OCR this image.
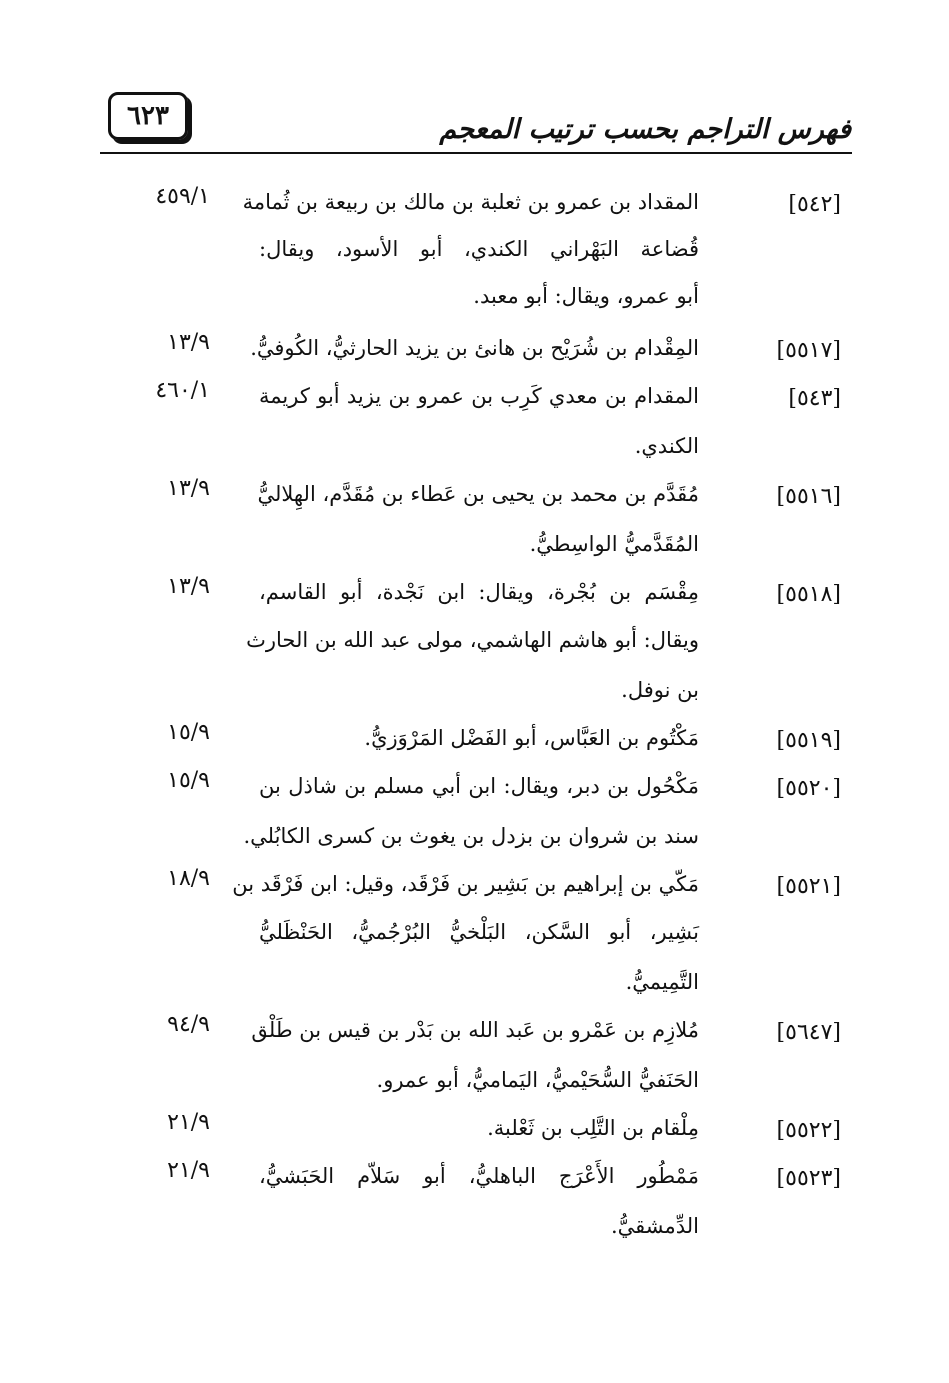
فهرس التراجم بحسب ترتيب المعجم
٦٢٣
[٥٤٢]
٤٥٩/١ المقداد بن عمرو بن ثعلبة بن مالك بن ربيعة بن ثُمامة
قُضاعة البَهْراني الكندي، أبو الأسود، ويقال:
أبو عمرو، ويقال: أبو معبد.
[٥٥١٧]
١٣/٩ المِقْدام بن شُرَيْح بن هانئ بن يزيد الحارثيُّ، الكُوفيُّ.
[٥٤٣]
٤٦٠/١ المقدام بن معدي كَرِب بن عمرو بن يزيد أبو كريمة
الكندي.
[٥٥١٦]
١٣/٩ مُقَدَّم بن محمد بن يحيى بن عَطاء بن مُقَدَّم، الهِلاليُّ
المُقَدَّميُّ الواسِطيُّ.
[٥٥١٨]
١٣/٩ مِقْسَم بن بُجْرة، ويقال: ابن نَجْدة، أبو القاسم،
ويقال: أبو هاشم الهاشمي، مولى عبد الله بن الحارث
بن نوفل.
[٥٥١٩]
١٥/٩	مَكْتُوم بن العَبَّاس، أبو الفَضْل المَرْوَزيُّ.
[٥٥٢٠]
١٥/٩ مَكْحُول بن دبر، ويقال: ابن أبي مسلم بن شاذل بن
سند بن شروان بن بزدل بن يغوث بن كسرى الكابُلي.
[٥٥٢١]
١٨/٩ مَكّي بن إبراهيم بن بَشِير بن فَرْقَد، وقيل: ابن فَرْقَد بن
بَشِير، أبو السَّكن، البَلْخيُّ البُرْجُميُّ، الحَنْظَليُّ
التَّمِيميُّ.
[٥٦٤٧]
٩٤/٩ مُلازِم بن عَمْرو بن عَبد الله بن بَدْر بن قيس بن طَلْق
الحَنَفيُّ السُّحَيْميُّ، اليَماميُّ، أبو عمرو.
[٥٥٢٢]
٢١/٩	مِلْقام بن التَّلِب بن ثَعْلبة.
[٥٥٢٣]
٢١/٩ مَمْطُور الأَعْرَج الباهليُّ، أبو سَلاّم الحَبَشيُّ،
الدِّمشقيُّ.
